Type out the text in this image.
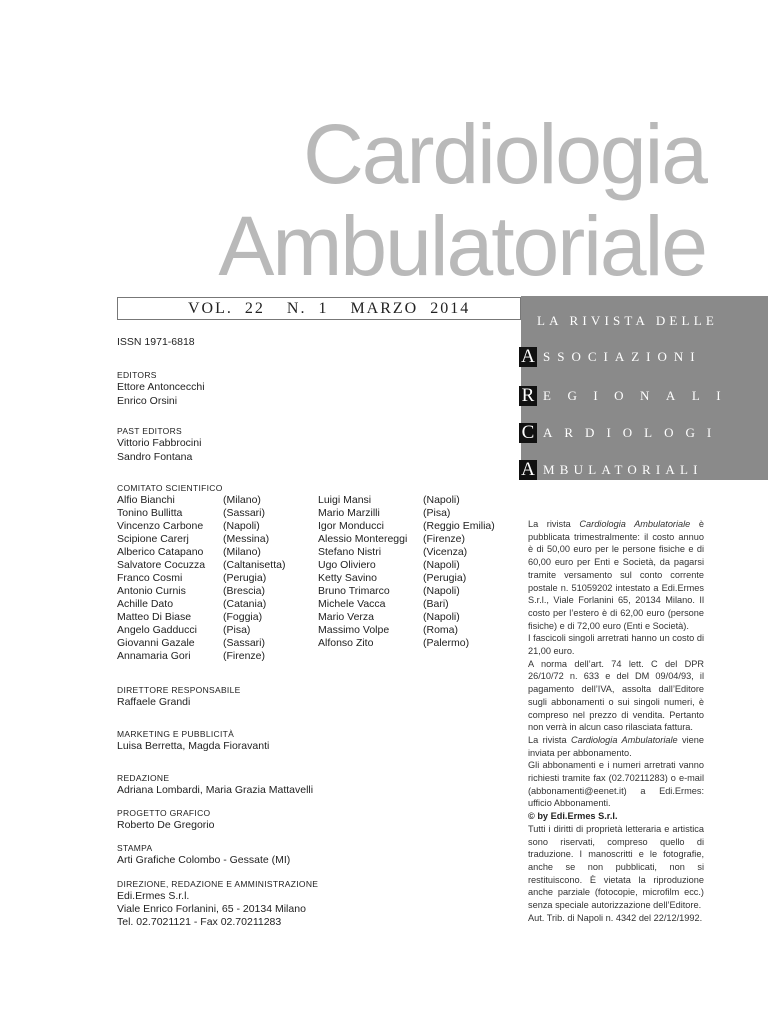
Cardiologia
Ambulatoriale
VOL. 22 N. 1 MARZO 2014
LA RIVISTA DELLE
A SSOCIAZIONI
R EGIONALI
C ARDIOLOGI
A MBULATORIALI
ISSN 1971-6818
EDITORS
Ettore Antoncecchi
Enrico Orsini
PAST EDITORS
Vittorio Fabbrocini
Sandro Fontana
COMITATO SCIENTIFICO
Alfio Bianchi
Tonino Bullitta
Vincenzo Carbone
Scipione Carerj
Alberico Catapano
Salvatore Cocuzza
Franco Cosmi
Antonio Curnis
Achille Dato
Matteo Di Biase
Angelo Gadducci
Giovanni Gazale
Annamaria Gori
(Milano)
(Sassari)
(Napoli)
(Messina)
(Milano)
(Caltanisetta)
(Perugia)
(Brescia)
(Catania)
(Foggia)
(Pisa)
(Sassari)
(Firenze)
Luigi Mansi
Mario Marzilli
Igor Monducci
Alessio Montereggi
Stefano Nistri
Ugo Oliviero
Ketty Savino
Bruno Trimarco
Michele Vacca
Mario Verza
Massimo Volpe
Alfonso Zito
(Napoli)
(Pisa)
(Reggio Emilia)
(Firenze)
(Vicenza)
(Napoli)
(Perugia)
(Napoli)
(Bari)
(Napoli)
(Roma)
(Palermo)
DIRETTORE RESPONSABILE
Raffaele Grandi
MARKETING E PUBBLICITÀ
Luisa Berretta, Magda Fioravanti
REDAZIONE
Adriana Lombardi, Maria Grazia Mattavelli
PROGETTO GRAFICO
Roberto De Gregorio
STAMPA
Arti Grafiche Colombo - Gessate (MI)
DIREZIONE, REDAZIONE E AMMINISTRAZIONE
Edi.Ermes S.r.l.
Viale Enrico Forlanini, 65 - 20134 Milano
Tel. 02.7021121 - Fax 02.70211283

La rivista Cardiologia Ambulatoriale è pubblicata trimestralmente: il costo annuo è di 50,00 euro per le persone fisiche e di 60,00 euro per Enti e Società, da pagarsi tramite versamento sul conto corrente postale n. 51059202 intestato a Edi.Ermes S.r.l., Viale Forlanini 65, 20134 Milano. Il costo per l’estero è di 62,00 euro (persone fisiche) e di 72,00 euro (Enti e Società).

I fascicoli singoli arretrati hanno un costo di 21,00 euro.

A norma dell’art. 74 lett. C del DPR 26/10/72 n. 633 e del DM 09/04/93, il pagamento dell’IVA, assolta dall’Editore sugli abbonamenti o sui singoli numeri, è compreso nel prezzo di vendita. Pertanto non verrà in alcun caso rilasciata fattura.

La rivista Cardiologia Ambulatoriale viene inviata per abbonamento.

Gli abbonamenti e i numeri arretrati vanno richiesti tramite fax (02.70211283) o e-mail (abbonamenti@eenet.it) a Edi.Ermes: ufficio Abbonamenti.

© by Edi.Ermes S.r.l.

Tutti i diritti di proprietà letteraria e artistica sono riservati, compreso quello di traduzione. I manoscritti e le fotografie, anche se non pubblicati, non si restituiscono. È vietata la riproduzione anche parziale (fotocopie, microfilm ecc.) senza speciale autorizzazione dell’Editore.

Aut. Trib. di Napoli n. 4342 del 22/12/1992.
